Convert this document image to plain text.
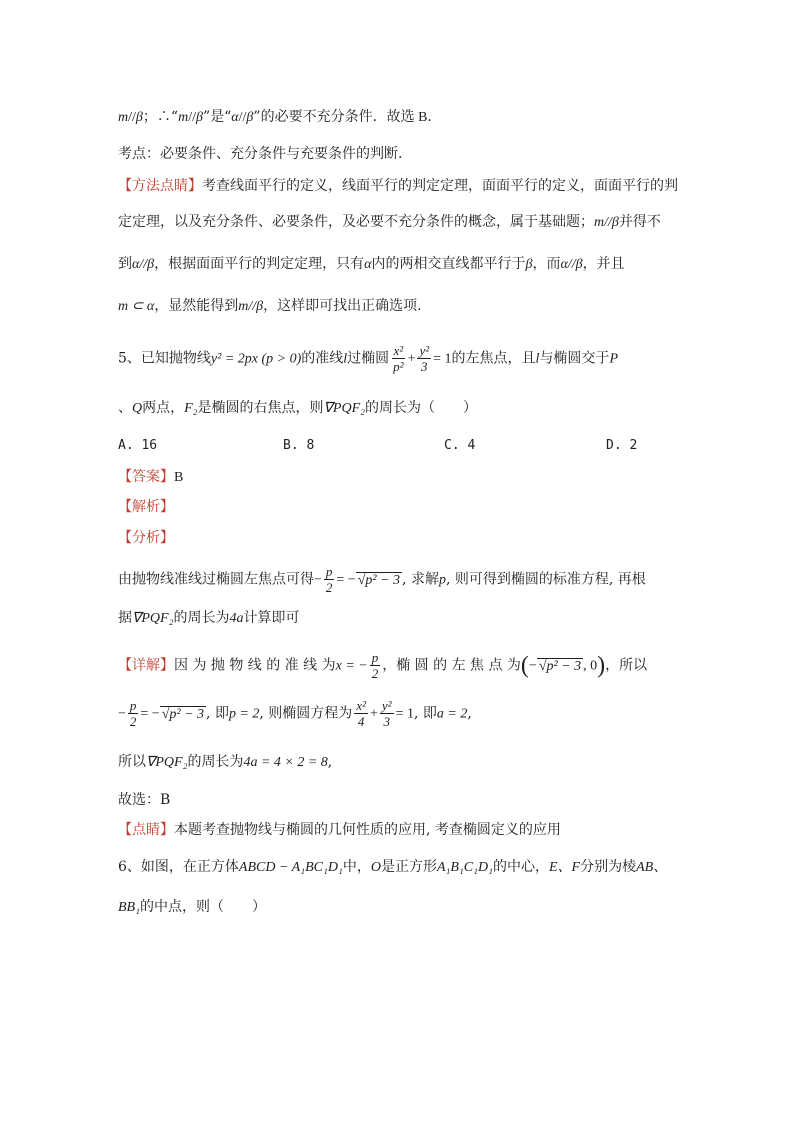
m//β；∴“m//β”是“α//β”的必要不充分条件．故选 B．
考点：必要条件、充分条件与充要条件的判断.
【方法点睛】考查线面平行的定义，线面平行的判定定理，面面平行的定义，面面平行的判
定定理，以及充分条件、必要条件，及必要不充分条件的概念，属于基础题；m//β并得不
到α//β，根据面面平行的判定定理，只有α内的两相交直线都平行于β，而α//β，并且
m ⊂ α，显然能得到m//β，这样即可找出正确选项.
5、已知抛物线y² = 2px (p > 0)的准线l过椭圆 $\frac{\text{x²}}{\text{p²}} + \frac{\text{y²}}{3} = 1$的左焦点，且l与椭圆交于P
、Q两点，F₂是椭圆的右焦点，则∇PQF₂的周长为（　　）
A. 16	B. 8	C. 4	D. 2
【答案】B
【解析】
【分析】
由抛物线准线过椭圆左焦点可得− $\frac{p}{2}$ = − √p² − 3 , 求解p, 则可得到椭圆的标准方程, 再根
据∇PQF₂的周长为4a计算即可
【详解】因 为 抛 物 线 的 准 线 为x = − $\frac{p}{2}$ ，椭 圆 的 左 焦 点 为(− √p² − 3 , 0)，所以
− $\frac{p}{2}$ = − √p² − 3 , 即p = 2, 则椭圆方程为 $\frac{\text{x²}}{4} + \frac{\text{y²}}{3} = 1$, 即a = 2,
所以∇PQF₂的周长为4a = 4 × 2 = 8,
故选：B
【点睛】本题考查抛物线与椭圆的几何性质的应用, 考查椭圆定义的应用
6、如图，在正方体ABCD − A₁BC₁D₁中，O是正方形A₁B₁C₁D₁的中心，E、F分别为棱AB、
BB₁的中点，则（　　）
